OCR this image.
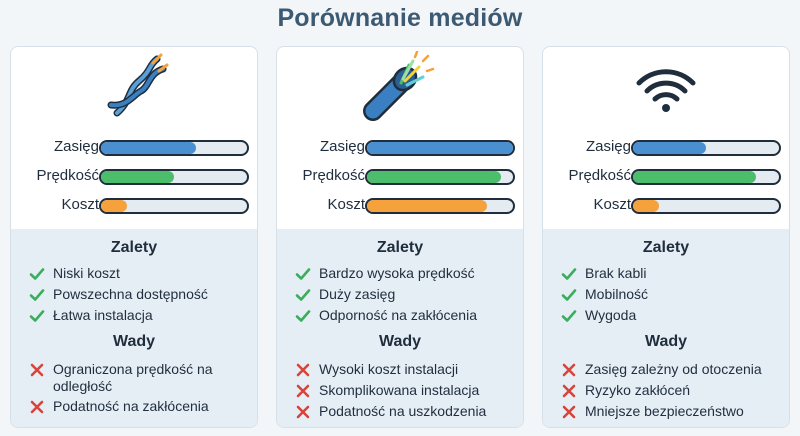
Porównanie mediów
Zasięg
Prędkość
Koszt
Zalety
Niski koszt
Powszechna dostępność
Łatwa instalacja
Wady
Ograniczona prędkość na odległość
Podatność na zakłócenia
Zasięg
Prędkość
Koszt
Zalety
Bardzo wysoka prędkość
Duży zasięg
Odporność na zakłócenia
Wady
Wysoki koszt instalacji
Skomplikowana instalacja
Podatność na uszkodzenia
Zasięg
Prędkość
Koszt
Zalety
Brak kabli
Mobilność
Wygoda
Wady
Zasięg zależny od otoczenia
Ryzyko zakłóceń
Mniejsze bezpieczeństwo
